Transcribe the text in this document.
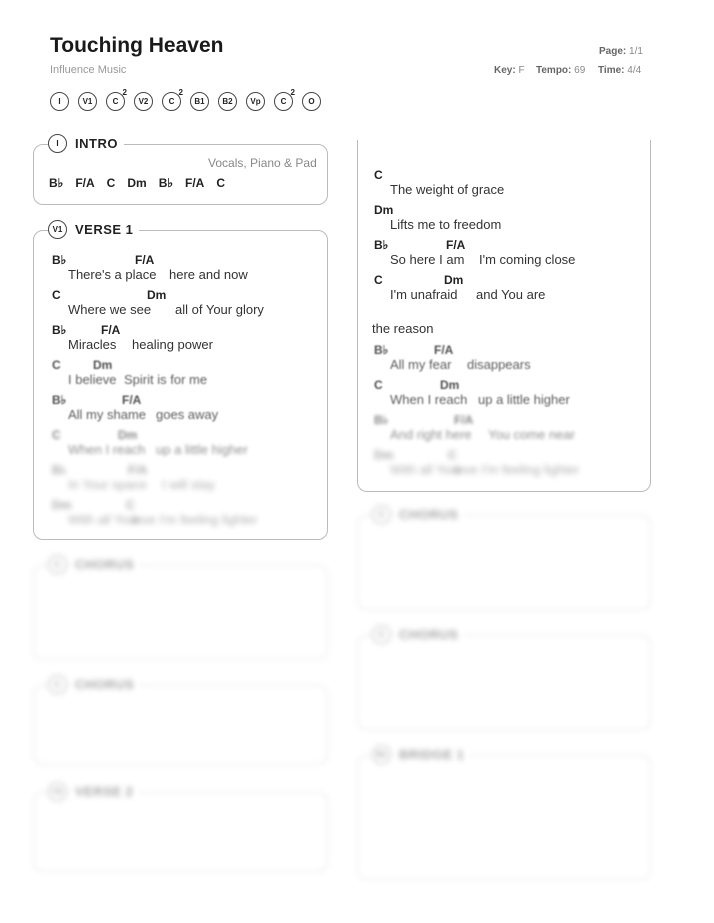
Touching Heaven
Influence Music
Page: 1/1
Key: F Tempo: 69 Time: 4/4
I	V1	C
2
V2	C
2
B1 B2 Vp	C
2
O
I	INTRO
Vocals, Piano & Pad
B♭ F/A C Dm B♭ F/A C
V1 VERSE 1
B♭	F/A
There's a place here and now
C	Dm
Where we see all of Your glory
B♭	F/A
Miracles healing power
C	Dm
I believe Spirit is for me
B♭	F/A
All my shame goes away
C	Dm
When I reach up a little higher
B♭	F/A
In Your space I will stay
Dm	C
With all Your
love I'm feeling lighter
C	CHORUS
C	CHORUS
V2 VERSE 2
C
The weight of grace
Dm
Lifts me to freedom
B♭	F/A
So here I am I'm coming close
C	Dm
I'm unafraid and You are
the reason
B♭	F/A
All my fear disappears
C	Dm
When I reach up a little higher
B♭	F/A
And right here You come near
Dm	C
With all Your
love I'm feeling lighter
C	CHORUS
C	CHORUS
B1 BRIDGE 1
